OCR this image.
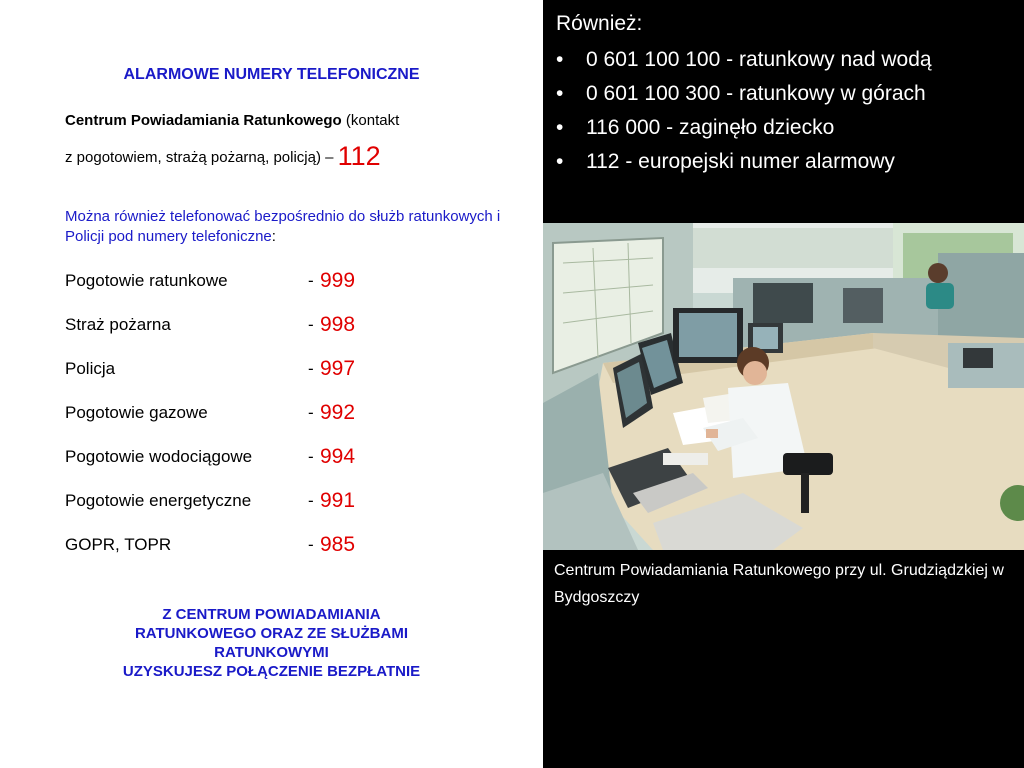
ALARMOWE NUMERY TELEFONICZNE
Centrum Powiadamiania Ratunkowego (kontakt
z pogotowiem, strażą pożarną, policją) – 112
Można również telefonować bezpośrednio do służb ratunkowych i Policji pod numery telefoniczne:
Pogotowie ratunkowe	- 999
Straż pożarna	- 998
Policja	- 997
Pogotowie gazowe	- 992
Pogotowie wodociągowe	- 994
Pogotowie energetyczne	- 991
GOPR, TOPR	- 985
Z CENTRUM POWIADAMIANIA
RATUNKOWEGO ORAZ ZE SŁUŻBAMI
RATUNKOWYMI
UZYSKUJESZ POŁĄCZENIE BEZPŁATNIE
Również:
• 0 601 100 100 - ratunkowy nad wodą
• 0 601 100 300 - ratunkowy w górach
• 116 000 - zaginęło dziecko
• 112 - europejski numer alarmowy
Centrum Powiadamiania Ratunkowego przy ul. Grudziądzkiej w Bydgoszczy
